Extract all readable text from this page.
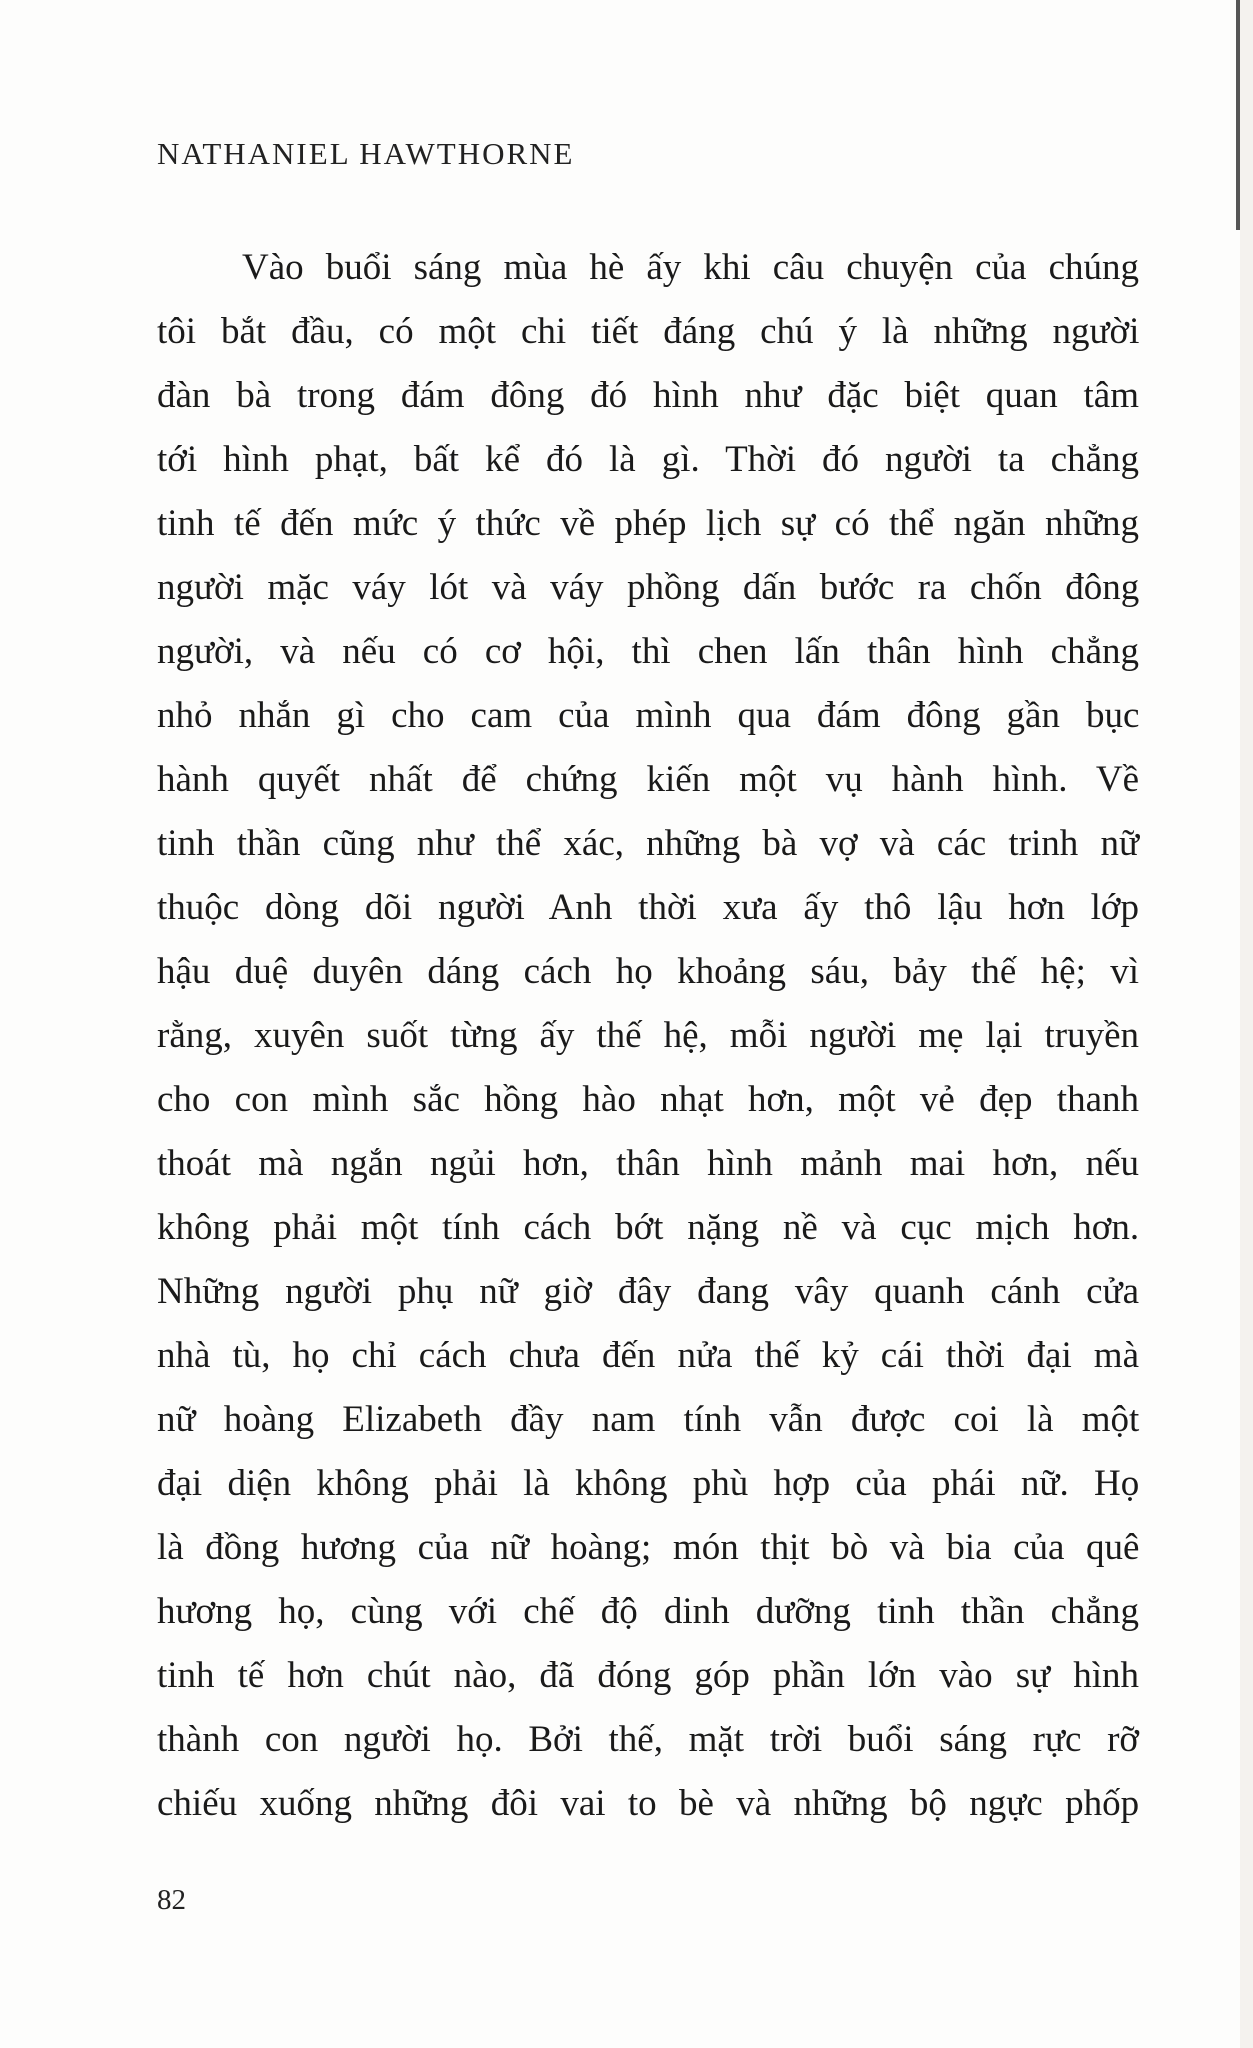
NATHANIEL HAWTHORNE
Vào buổi sáng mùa hè ấy khi câu chuyện của chúng
tôi bắt đầu, có một chi tiết đáng chú ý là những người
đàn bà trong đám đông đó hình như đặc biệt quan tâm
tới hình phạt, bất kể đó là gì. Thời đó người ta chẳng
tinh tế đến mức ý thức về phép lịch sự có thể ngăn những
người mặc váy lót và váy phồng dấn bước ra chốn đông
người, và nếu có cơ hội, thì chen lấn thân hình chẳng
nhỏ nhắn gì cho cam của mình qua đám đông gần bục
hành quyết nhất để chứng kiến một vụ hành hình. Về
tinh thần cũng như thể xác, những bà vợ và các trinh nữ
thuộc dòng dõi người Anh thời xưa ấy thô lậu hơn lớp
hậu duệ duyên dáng cách họ khoảng sáu, bảy thế hệ; vì
rằng, xuyên suốt từng ấy thế hệ, mỗi người mẹ lại truyền
cho con mình sắc hồng hào nhạt hơn, một vẻ đẹp thanh
thoát mà ngắn ngủi hơn, thân hình mảnh mai hơn, nếu
không phải một tính cách bớt nặng nề và cục mịch hơn.
Những người phụ nữ giờ đây đang vây quanh cánh cửa
nhà tù, họ chỉ cách chưa đến nửa thế kỷ cái thời đại mà
nữ hoàng Elizabeth đầy nam tính vẫn được coi là một
đại diện không phải là không phù hợp của phái nữ. Họ
là đồng hương của nữ hoàng; món thịt bò và bia của quê
hương họ, cùng với chế độ dinh dưỡng tinh thần chẳng
tinh tế hơn chút nào, đã đóng góp phần lớn vào sự hình
thành con người họ. Bởi thế, mặt trời buổi sáng rực rỡ
chiếu xuống những đôi vai to bè và những bộ ngực phốp
82
